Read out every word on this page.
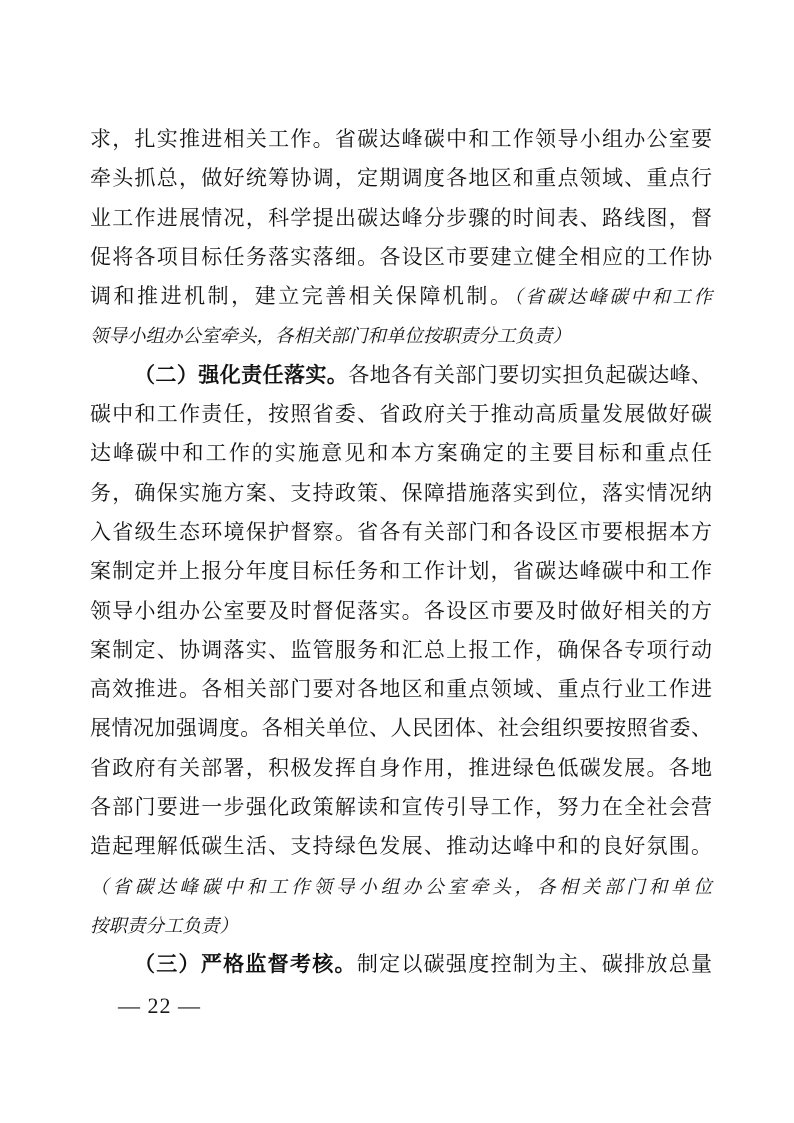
求，扎实推进相关工作。省碳达峰碳中和工作领导小组办公室要
牵头抓总，做好统筹协调，定期调度各地区和重点领域、重点行
业工作进展情况，科学提出碳达峰分步骤的时间表、路线图，督
促将各项目标任务落实落细。各设区市要建立健全相应的工作协
调和推进机制，建立完善相关保障机制。（省碳达峰碳中和工作
领导小组办公室牵头，各相关部门和单位按职责分工负责）
（二）强化责任落实。各地各有关部门要切实担负起碳达峰、
碳中和工作责任，按照省委、省政府关于推动高质量发展做好碳
达峰碳中和工作的实施意见和本方案确定的主要目标和重点任
务，确保实施方案、支持政策、保障措施落实到位，落实情况纳
入省级生态环境保护督察。省各有关部门和各设区市要根据本方
案制定并上报分年度目标任务和工作计划，省碳达峰碳中和工作
领导小组办公室要及时督促落实。各设区市要及时做好相关的方
案制定、协调落实、监管服务和汇总上报工作，确保各专项行动
高效推进。各相关部门要对各地区和重点领域、重点行业工作进
展情况加强调度。各相关单位、人民团体、社会组织要按照省委、
省政府有关部署，积极发挥自身作用，推进绿色低碳发展。各地
各部门要进一步强化政策解读和宣传引导工作，努力在全社会营
造起理解低碳生活、支持绿色发展、推动达峰中和的良好氛围。
（省碳达峰碳中和工作领导小组办公室牵头，各相关部门和单位
按职责分工负责）
（三）严格监督考核。制定以碳强度控制为主、碳排放总量
— 22 —
